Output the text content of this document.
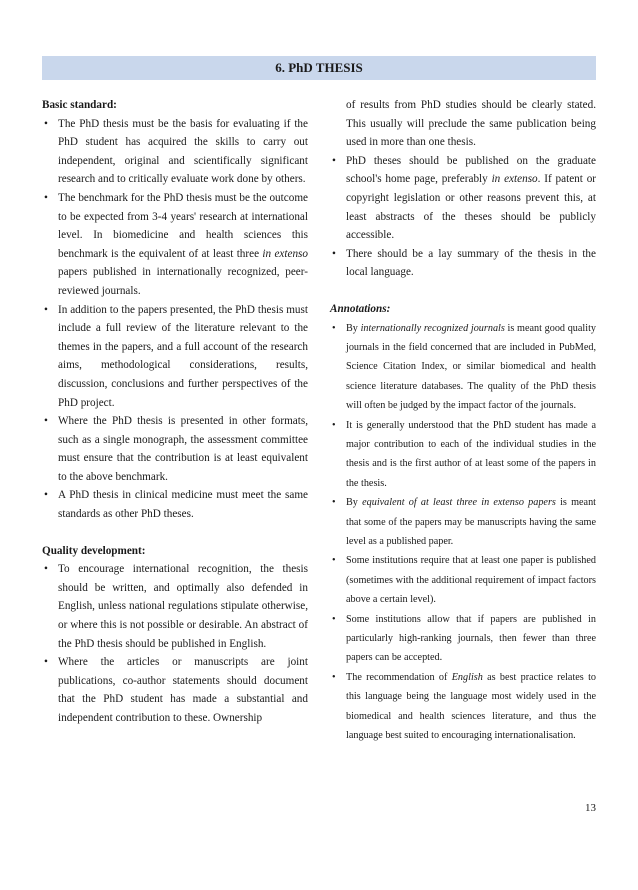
6. PhD THESIS
Basic standard:
• The PhD thesis must be the basis for evaluating if the PhD student has acquired the skills to carry out independent, original and scientifically significant research and to critically evaluate work done by others.
• The benchmark for the PhD thesis must be the outcome to be expected from 3-4 years' research at international level. In biomedicine and health sciences this benchmark is the equivalent of at least three in extenso papers published in internationally recognized, peer-reviewed journals.
• In addition to the papers presented, the PhD thesis must include a full review of the literature relevant to the themes in the papers, and a full account of the research aims, methodological considerations, results, discussion, conclusions and further perspectives of the PhD project.
• Where the PhD thesis is presented in other formats, such as a single monograph, the assessment committee must ensure that the contribution is at least equivalent to the above benchmark.
• A PhD thesis in clinical medicine must meet the same standards as other PhD theses.
Quality development:
• To encourage international recognition, the thesis should be written, and optimally also defended in English, unless national regulations stipulate otherwise, or where this is not possible or desirable. An abstract of the PhD thesis should be published in English.
• Where the articles or manuscripts are joint publications, co-author statements should document that the PhD student has made a substantial and independent contribution to these. Ownership
of results from PhD studies should be clearly stated. This usually will preclude the same publication being used in more than one thesis.
• PhD theses should be published on the graduate school's home page, preferably in extenso. If patent or copyright legislation or other reasons prevent this, at least abstracts of the theses should be publicly accessible.
• There should be a lay summary of the thesis in the local language.
Annotations:
• By internationally recognized journals is meant good quality journals in the field concerned that are included in PubMed, Science Citation Index, or similar biomedical and health science literature databases. The quality of the PhD thesis will often be judged by the impact factor of the journals.
• It is generally understood that the PhD student has made a major contribution to each of the individual studies in the thesis and is the first author of at least some of the papers in the thesis.
• By equivalent of at least three in extenso papers is meant that some of the papers may be manuscripts having the same level as a published paper.
• Some institutions require that at least one paper is published (sometimes with the additional requirement of impact factors above a certain level).
• Some institutions allow that if papers are published in particularly high-ranking journals, then fewer than three papers can be accepted.
• The recommendation of English as best practice relates to this language being the language most widely used in the biomedical and health sciences literature, and thus the language best suited to encouraging internationalisation.
13
